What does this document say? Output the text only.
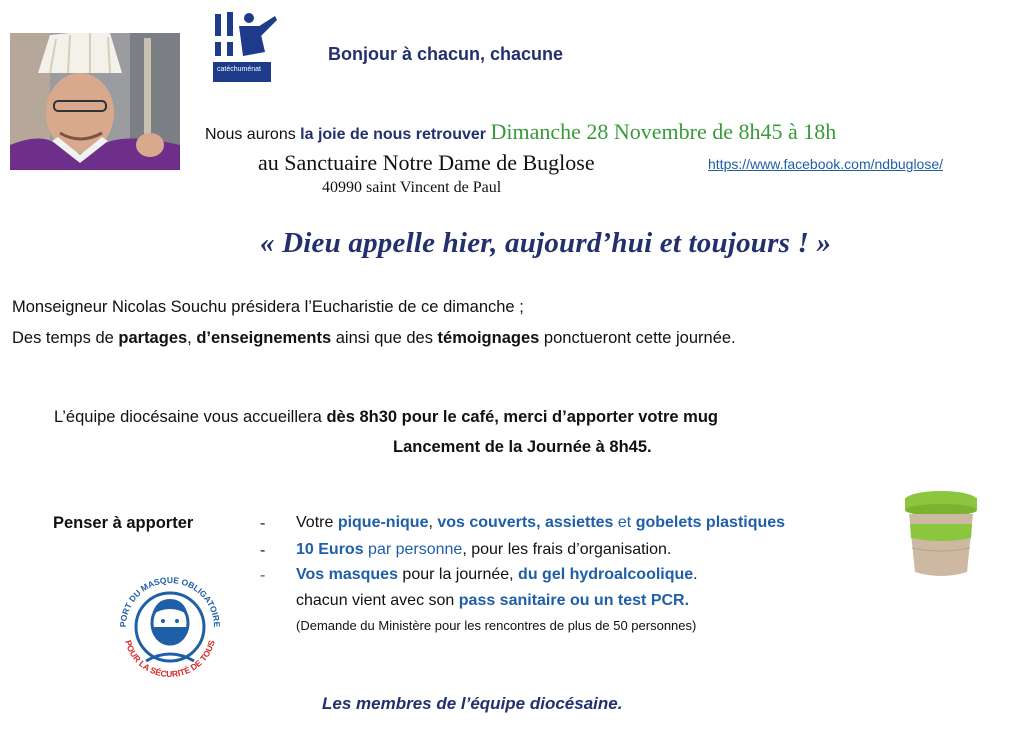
catéchuménat
Bonjour à chacun, chacune
Nous aurons la joie de nous retrouver Dimanche 28 Novembre de 8h45 à 18h
au Sanctuaire Notre Dame de Buglose	https://www.facebook.com/ndbuglose/
40990 saint Vincent de Paul
« Dieu appelle hier, aujourd’hui et toujours ! »
Monseigneur Nicolas Souchu présidera l’Eucharistie de ce dimanche ;
Des temps de partages, d’enseignements ainsi que des témoignages ponctueront cette journée.
L’équipe diocésaine vous accueillera dès 8h30 pour le café, merci d’apporter votre mug
Lancement de la Journée à 8h45.
Penser à apporter	-
-
-
Votre pique-nique, vos couverts, assiettes et gobelets plastiques
10 Euros par personne, pour les frais d’organisation.
Vos masques pour la journée, du gel hydroalcoolique.
chacun vient avec son pass sanitaire ou un test PCR.
(Demande du Ministère pour les rencontres de plus de 50 personnes)
PORT DU MASQUE OBLIGATOIRE
POUR LA SÉCURITÉ DE TOUS
Les membres de l’équipe diocésaine.
